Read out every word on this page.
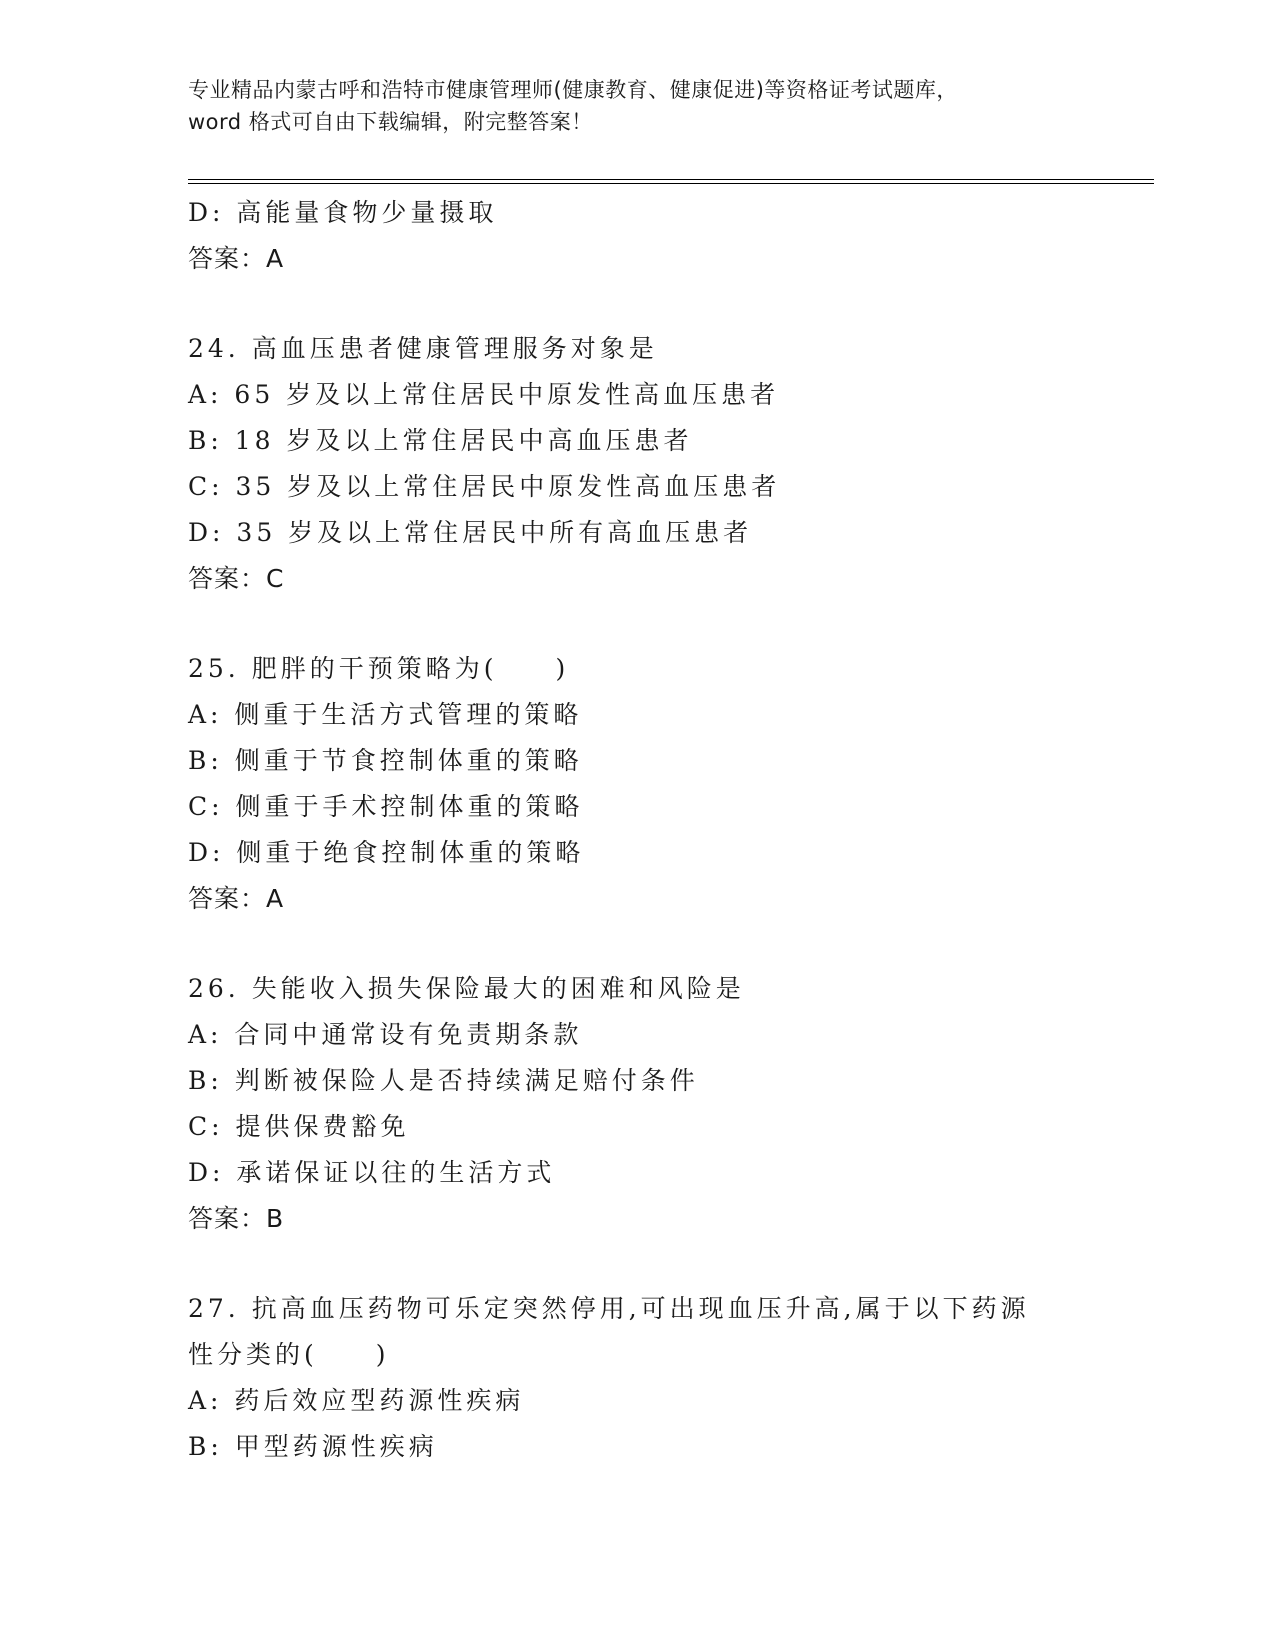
专业精品内蒙古呼和浩特市健康管理师(健康教育、健康促进)等资格证考试题库，
word 格式可自由下载编辑，附完整答案！
D: 高能量食物少量摄取
答案：A
24. 高血压患者健康管理服务对象是
A: 65 岁及以上常住居民中原发性高血压患者
B: 18 岁及以上常住居民中高血压患者
C: 35 岁及以上常住居民中原发性高血压患者
D: 35 岁及以上常住居民中所有高血压患者
答案：C
25. 肥胖的干预策略为(　　)
A: 侧重于生活方式管理的策略
B: 侧重于节食控制体重的策略
C: 侧重于手术控制体重的策略
D: 侧重于绝食控制体重的策略
答案：A
26. 失能收入损失保险最大的困难和风险是
A: 合同中通常设有免责期条款
B: 判断被保险人是否持续满足赔付条件
C: 提供保费豁免
D: 承诺保证以往的生活方式
答案：B
27. 抗高血压药物可乐定突然停用,可出现血压升高,属于以下药源性分类的(　　)
A: 药后效应型药源性疾病
B: 甲型药源性疾病
